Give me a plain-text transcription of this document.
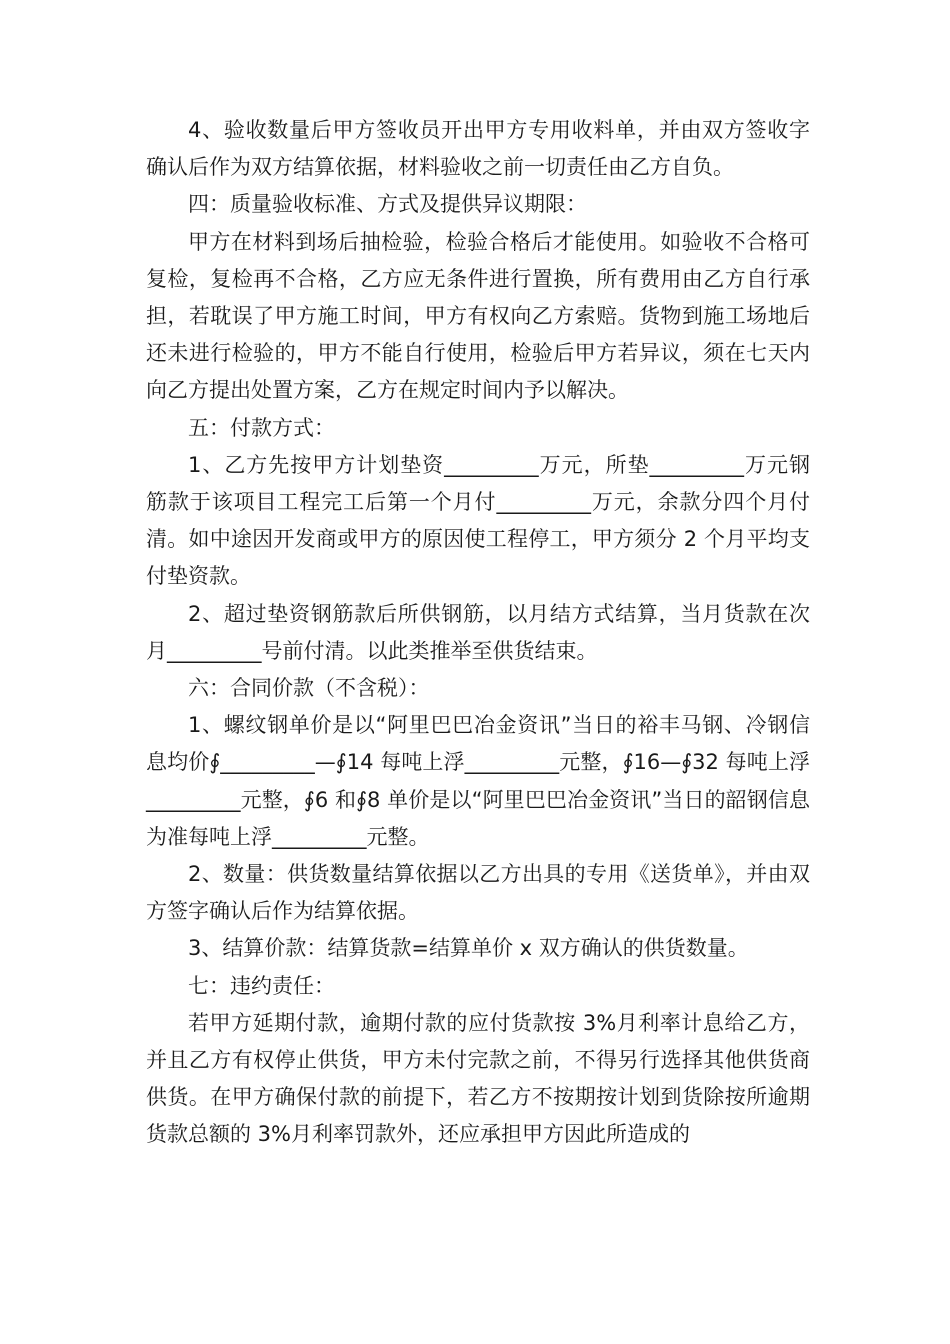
4、验收数量后甲方签收员开出甲方专用收料单，并由双方签收字确认后作为双方结算依据，材料验收之前一切责任由乙方自负。

四：质量验收标准、方式及提供异议期限：

甲方在材料到场后抽检验，检验合格后才能使用。如验收不合格可复检，复检再不合格，乙方应无条件进行置换，所有费用由乙方自行承担，若耽误了甲方施工时间，甲方有权向乙方索赔。货物到施工场地后还未进行检验的，甲方不能自行使用，检验后甲方若异议，须在七天内向乙方提出处置方案，乙方在规定时间内予以解决。

五：付款方式：

1、乙方先按甲方计划垫资_________万元，所垫_________万元钢筋款于该项目工程完工后第一个月付_________万元，余款分四个月付清。如中途因开发商或甲方的原因使工程停工，甲方须分 2 个月平均支付垫资款。

2、超过垫资钢筋款后所供钢筋，以月结方式结算，当月货款在次月_________号前付清。以此类推举至供货结束。

六：合同价款（不含税）：

1、螺纹钢单价是以“阿里巴巴冶金资讯”当日的裕丰马钢、冷钢信息均价∮_________—∮14 每吨上浮_________元整，∮16—∮32 每吨上浮_________元整，∮6 和∮8 单价是以“阿里巴巴冶金资讯”当日的韶钢信息为准每吨上浮_________元整。

2、数量：供货数量结算依据以乙方出具的专用《送货单》，并由双方签字确认后作为结算依据。

3、结算价款：结算货款=结算单价 x 双方确认的供货数量。

七：违约责任：

若甲方延期付款，逾期付款的应付货款按 3%月利率计息给乙方，并且乙方有权停止供货，甲方未付完款之前，不得另行选择其他供货商供货。在甲方确保付款的前提下，若乙方不按期按计划到货除按所逾期货款总额的 3%月利率罚款外，还应承担甲方因此所造成的
